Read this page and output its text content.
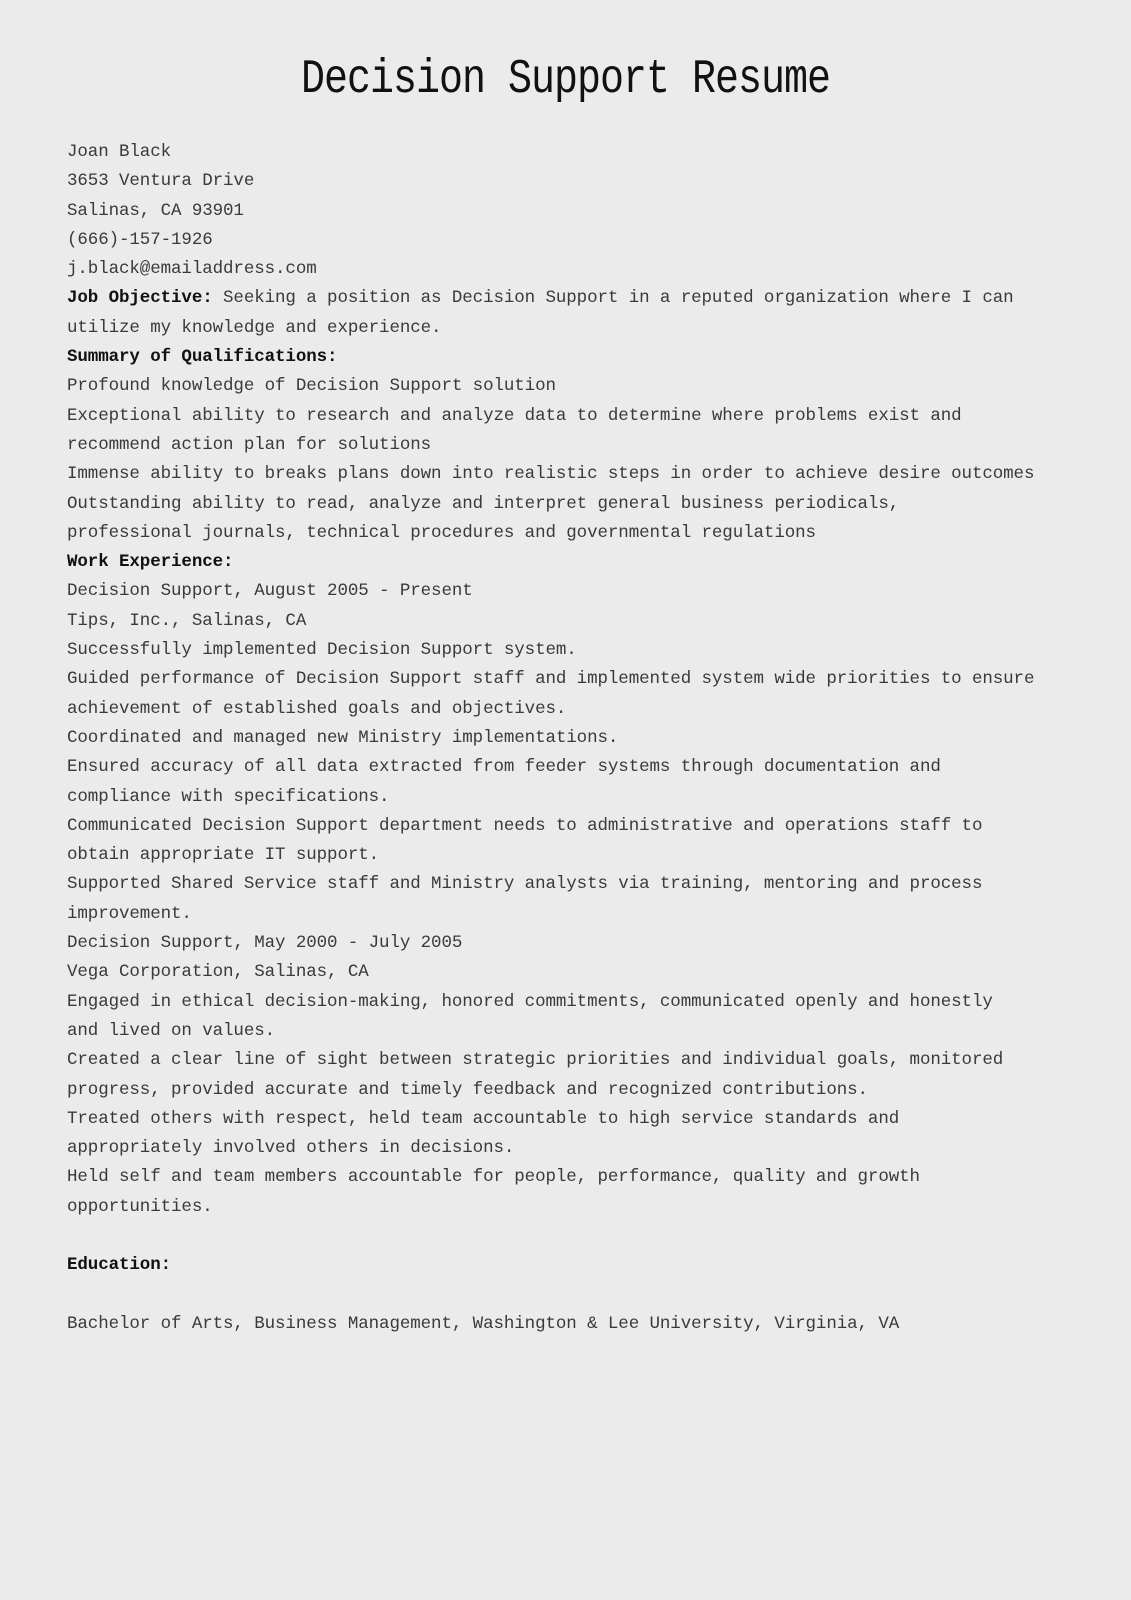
Decision Support Resume
Joan Black
3653 Ventura Drive
Salinas, CA 93901
(666)-157-1926
j.black@emailaddress.com
Job Objective: Seeking a position as Decision Support in a reputed organization where I can
utilize my knowledge and experience.
Summary of Qualifications:
Profound knowledge of Decision Support solution
Exceptional ability to research and analyze data to determine where problems exist and
recommend action plan for solutions
Immense ability to breaks plans down into realistic steps in order to achieve desire outcomes
Outstanding ability to read, analyze and interpret general business periodicals,
professional journals, technical procedures and governmental regulations
Work Experience:
Decision Support, August 2005 - Present
Tips, Inc., Salinas, CA
Successfully implemented Decision Support system.
Guided performance of Decision Support staff and implemented system wide priorities to ensure
achievement of established goals and objectives.
Coordinated and managed new Ministry implementations.
Ensured accuracy of all data extracted from feeder systems through documentation and
compliance with specifications.
Communicated Decision Support department needs to administrative and operations staff to
obtain appropriate IT support.
Supported Shared Service staff and Ministry analysts via training, mentoring and process
improvement.
Decision Support, May 2000 - July 2005
Vega Corporation, Salinas, CA
Engaged in ethical decision-making, honored commitments, communicated openly and honestly
and lived on values.
Created a clear line of sight between strategic priorities and individual goals, monitored
progress, provided accurate and timely feedback and recognized contributions.
Treated others with respect, held team accountable to high service standards and
appropriately involved others in decisions.
Held self and team members accountable for people, performance, quality and growth
opportunities.
Education:
Bachelor of Arts, Business Management, Washington & Lee University, Virginia, VA
